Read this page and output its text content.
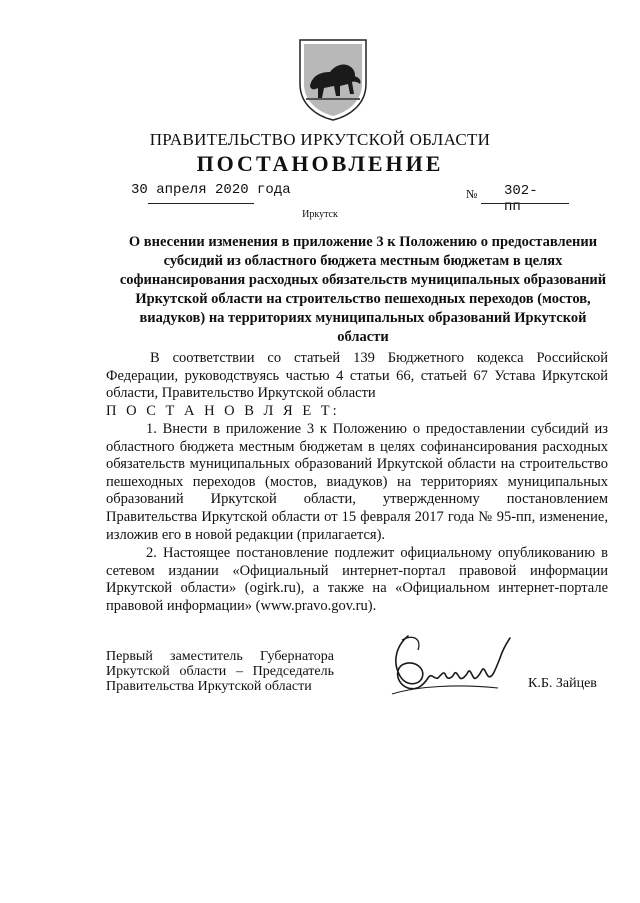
ПРАВИТЕЛЬСТВО ИРКУТСКОЙ ОБЛАСТИ
ПОСТАНОВЛЕНИЕ
30 апреля 2020 года	№ 302-пп
Иркутск
О внесении изменения в приложение 3 к Положению о предоставлении субсидий из областного бюджета местным бюджетам в целях софинансирования расходных обязательств муниципальных образований Иркутской области на строительство пешеходных переходов (мостов, виадуков) на территориях муниципальных образований Иркутской области
В соответствии со статьей 139 Бюджетного кодекса Российской Федерации, руководствуясь частью 4 статьи 66, статьей 67 Устава Иркутской области, Правительство Иркутской области
П О С Т А Н О В Л Я Е Т:
1. Внести в приложение 3 к Положению о предоставлении субсидий из областного бюджета местным бюджетам в целях софинансирования расходных обязательств муниципальных образований Иркутской области на строительство пешеходных переходов (мостов, виадуков) на территориях муниципальных образований Иркутской области, утвержденному постановлением Правительства Иркутской области от 15 февраля 2017 года № 95-пп, изменение, изложив его в новой редакции (прилагается).
2. Настоящее постановление подлежит официальному опубликованию в сетевом издании «Официальный интернет-портал правовой информации Иркутской области» (ogirk.ru), а также на «Официальном интернет-портале правовой информации» (www.pravo.gov.ru).
Первый заместитель Губернатора
Иркутской области – Председатель
Правительства Иркутской области	К.Б. Зайцев
